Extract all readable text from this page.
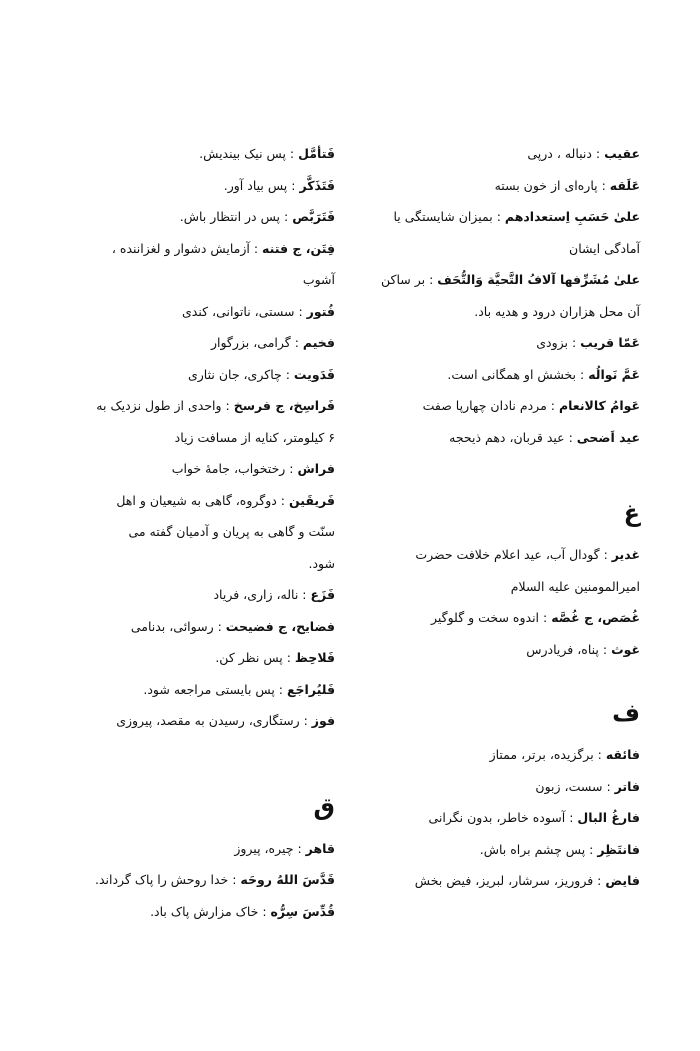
عقیب : دنباله ، درپی

عَلَقه : پاره‌ای از خون بسته

علیٰ حَسَبِ اِستعدادهم : بمیزان شایستگی یا

آمادگی ایشان

علیٰ مُشَرِّفها آلافُ التَّحیَّة وَالتُّحَف : بر ساکن

آن محل هزاران درود و هدیه باد.

عَمّا قریب : بزودی

عَمَّ نَوالُه : بخشش او همگانی است.

عَوامُ کالانعام : مردم نادان چهارپا صفت

عید اَضحی : عید قربان، دهم ذیحجه

غ

غدیر : گودال آب، عید اعلام خلافت حضرت

امیرالمومنین علیه السلام

غُصَص، ج غُصَّه : اندوه سخت و گلوگیر

غوث : پناه، فریادرس

ف

فائقه : برگزیده، برتر، ممتاز

فاتر : سست، زبون

فارغُ البال : آسوده خاطر، بدون نگرانی

فانتَظِر : پس چشم براه باش.

فایض : فروریز، سرشار، لبریز، فیض بخش

فَتأمَّل : پس نیک بیندیش.

فَتَذَکَّر : پس بیاد آور.

فَتَرَبَّص : پس در انتظار باش.

فِتَن، ج فتنه : آزمایش دشوار و لغزاننده ،

آشوب

فُتور : سستی، ناتوانی، کندی

فخیم : گرامی، بزرگوار

فَدَویت : چاکری، جان نثاری

فَراسِخ، ج فرسخ : واحدی از طول نزدیک به

۶ کیلومتر، کنایه از مسافت زیاد

فراش : رختخواب، جامهٔ خواب

فَریقَین : دوگروه، گاهی به شیعیان و اهل

سنّت و گاهی به پریان و آدمیان گفته می

شود.

فَزَع : ناله، زاری، فریاد

فضایح، ج فضیحت : رسوائی، بدنامی

فَلاحِظ : پس نظر کن.

فَلیُراجَع : پس بایستی مراجعه شود.

فوز : رستگاری، رسیدن به مقصد، پیروزی

ق

قاهر : چیره، پیروز

قَدَّسَ اللهُ روحَه : خدا روحش را پاک گرداند.

قُدِّسَ سِرُّه : خاک مزارش پاک باد.
